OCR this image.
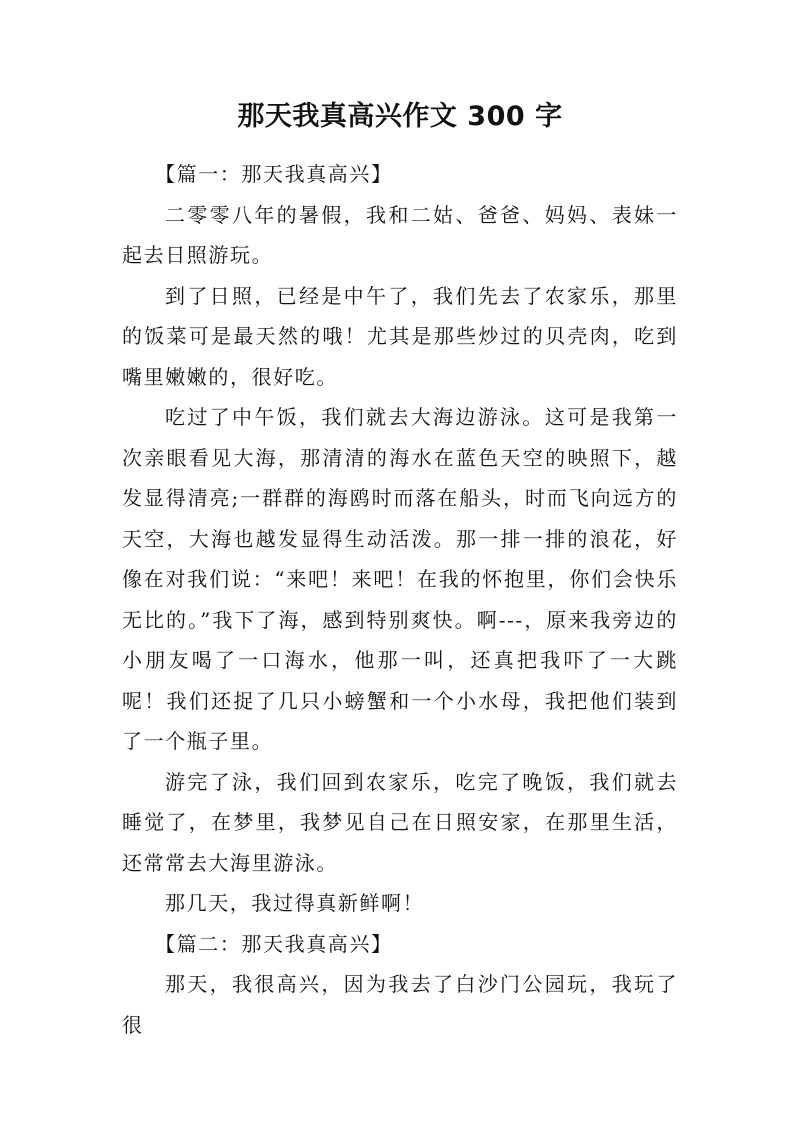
那天我真高兴作文 300 字

【篇一：那天我真高兴】

二零零八年的暑假，我和二姑、爸爸、妈妈、表妹一起去日照游玩。

到了日照，已经是中午了，我们先去了农家乐，那里的饭菜可是最天然的哦！尤其是那些炒过的贝壳肉，吃到嘴里嫩嫩的，很好吃。

吃过了中午饭，我们就去大海边游泳。这可是我第一次亲眼看见大海，那清清的海水在蓝色天空的映照下，越发显得清亮;一群群的海鸥时而落在船头，时而飞向远方的天空，大海也越发显得生动活泼。那一排一排的浪花，好像在对我们说：“来吧！来吧！在我的怀抱里，你们会快乐无比的。”我下了海，感到特别爽快。啊---，原来我旁边的小朋友喝了一口海水，他那一叫，还真把我吓了一大跳呢！我们还捉了几只小螃蟹和一个小水母，我把他们装到了一个瓶子里。

游完了泳，我们回到农家乐，吃完了晚饭，我们就去睡觉了，在梦里，我梦见自己在日照安家，在那里生活，还常常去大海里游泳。

那几天，我过得真新鲜啊！

【篇二：那天我真高兴】

那天，我很高兴，因为我去了白沙门公园玩，我玩了很
